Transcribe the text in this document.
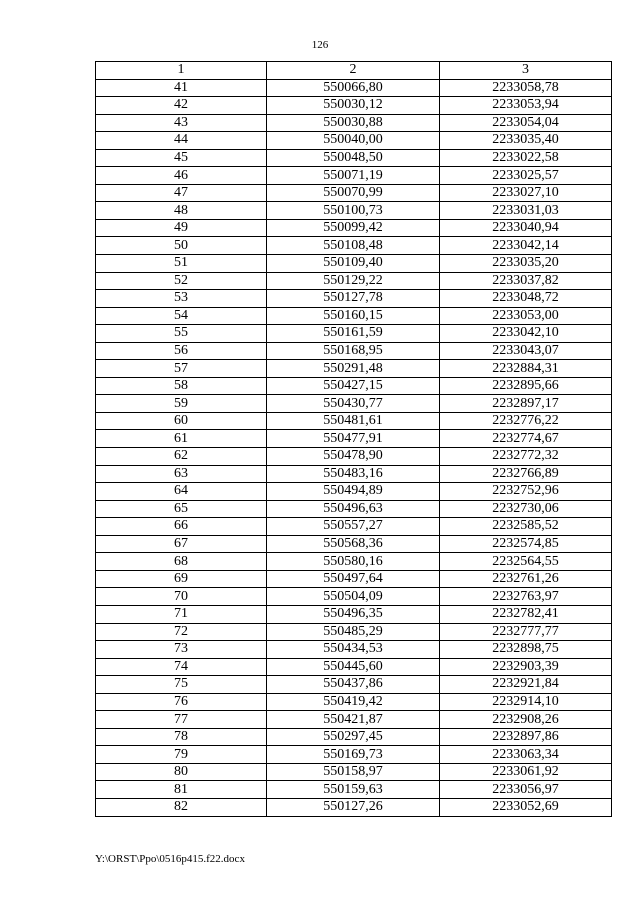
126
1	2	3
41	550066,80	2233058,78
42	550030,12	2233053,94
43	550030,88	2233054,04
44	550040,00	2233035,40
45	550048,50	2233022,58
46	550071,19	2233025,57
47	550070,99	2233027,10
48	550100,73	2233031,03
49	550099,42	2233040,94
50	550108,48	2233042,14
51	550109,40	2233035,20
52	550129,22	2233037,82
53	550127,78	2233048,72
54	550160,15	2233053,00
55	550161,59	2233042,10
56	550168,95	2233043,07
57	550291,48	2232884,31
58	550427,15	2232895,66
59	550430,77	2232897,17
60	550481,61	2232776,22
61	550477,91	2232774,67
62	550478,90	2232772,32
63	550483,16	2232766,89
64	550494,89	2232752,96
65	550496,63	2232730,06
66	550557,27	2232585,52
67	550568,36	2232574,85
68	550580,16	2232564,55
69	550497,64	2232761,26
70	550504,09	2232763,97
71	550496,35	2232782,41
72	550485,29	2232777,77
73	550434,53	2232898,75
74	550445,60	2232903,39
75	550437,86	2232921,84
76	550419,42	2232914,10
77	550421,87	2232908,26
78	550297,45	2232897,86
79	550169,73	2233063,34
80	550158,97	2233061,92
81	550159,63	2233056,97
82	550127,26	2233052,69
Y:\ORST\Ppo\0516p415.f22.docx
